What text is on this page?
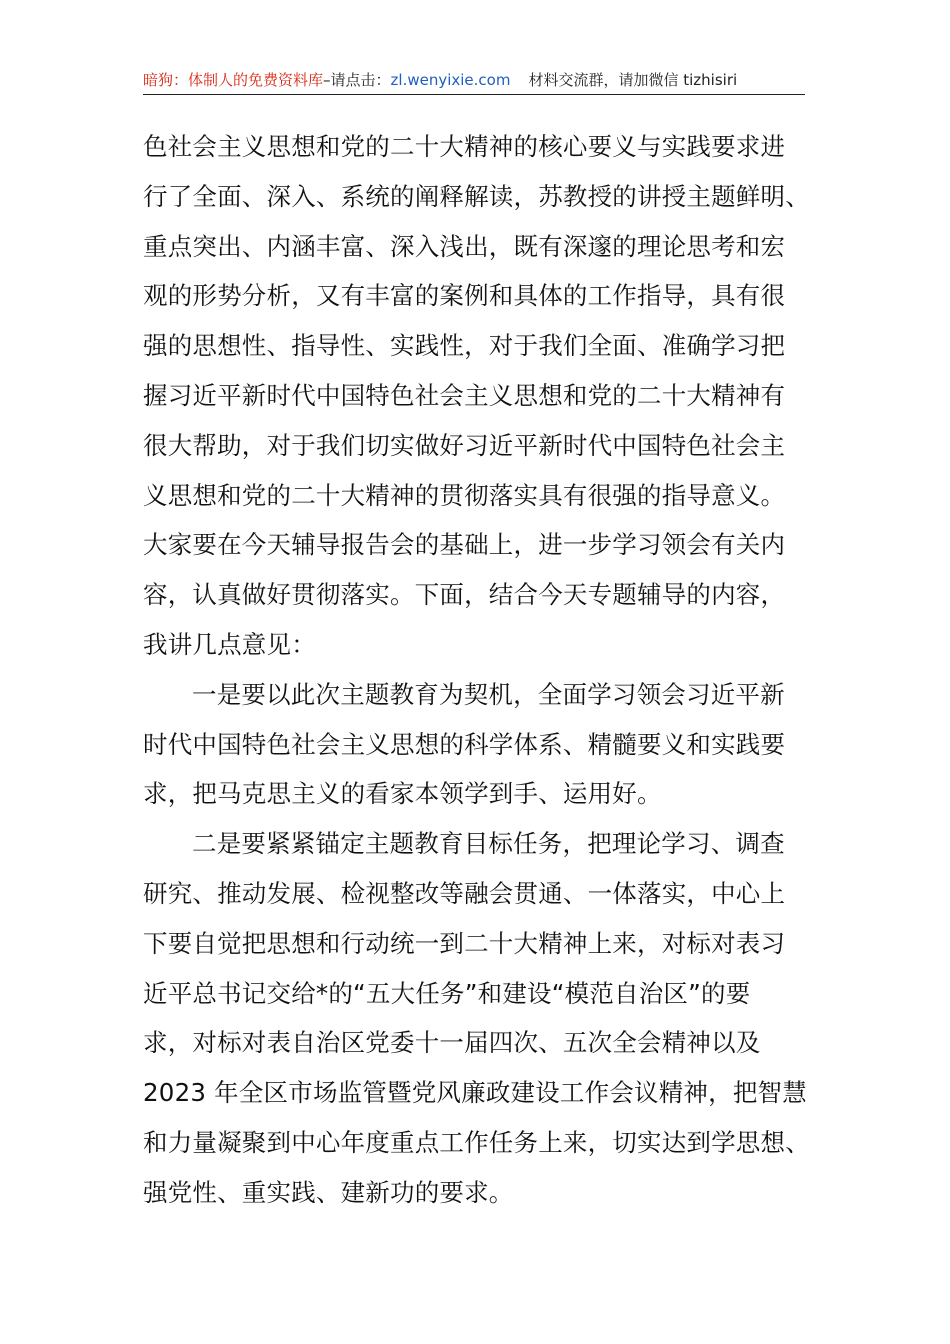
暗狗：体制人的免费资料库–请点击：zl.wenyixie.com 材料交流群，请加微信 tizhisiri
色社会主义思想和党的二十大精神的核心要义与实践要求进
行了全面、深入、系统的阐释解读，苏教授的讲授主题鲜明、
重点突出、内涵丰富、深入浅出，既有深邃的理论思考和宏
观的形势分析，又有丰富的案例和具体的工作指导，具有很
强的思想性、指导性、实践性，对于我们全面、准确学习把
握习近平新时代中国特色社会主义思想和党的二十大精神有
很大帮助，对于我们切实做好习近平新时代中国特色社会主
义思想和党的二十大精神的贯彻落实具有很强的指导意义。
大家要在今天辅导报告会的基础上，进一步学习领会有关内
容，认真做好贯彻落实。下面，结合今天专题辅导的内容，
我讲几点意见：
一是要以此次主题教育为契机，全面学习领会习近平新
时代中国特色社会主义思想的科学体系、精髓要义和实践要
求，把马克思主义的看家本领学到手、运用好。
二是要紧紧锚定主题教育目标任务，把理论学习、调查
研究、推动发展、检视整改等融会贯通、一体落实，中心上
下要自觉把思想和行动统一到二十大精神上来，对标对表习
近平总书记交给*的“五大任务”和建设“模范自治区”的要
求，对标对表自治区党委十一届四次、五次全会精神以及
2023 年全区市场监管暨党风廉政建设工作会议精神，把智慧
和力量凝聚到中心年度重点工作任务上来，切实达到学思想、
强党性、重实践、建新功的要求。
